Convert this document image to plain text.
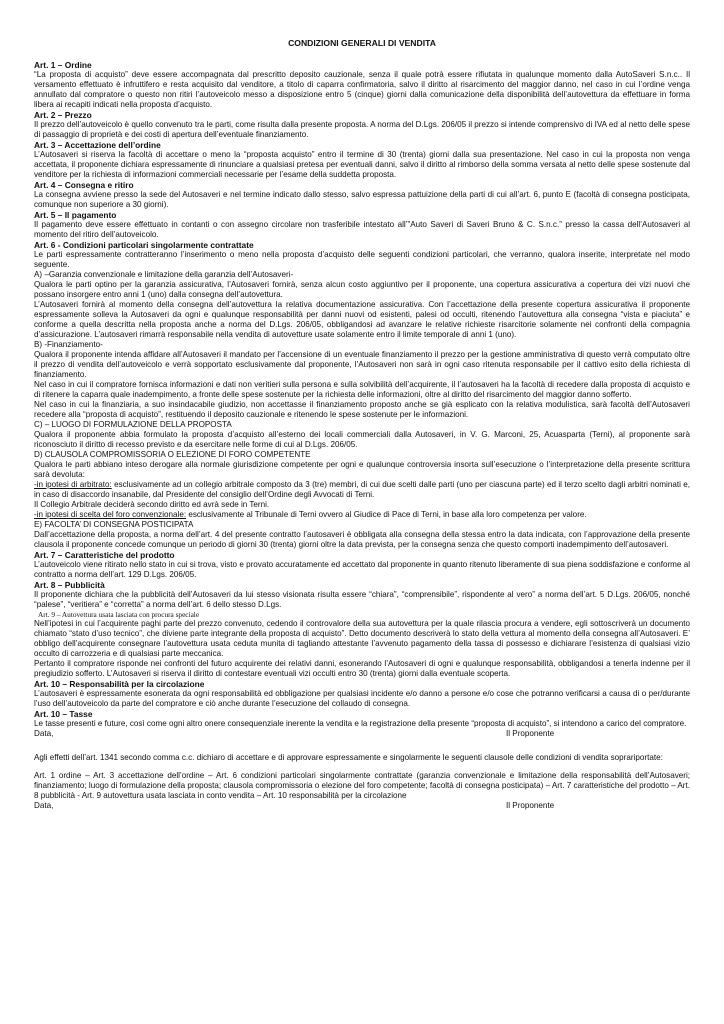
CONDIZIONI GENERALI DI VENDITA

Art. 1 – Ordine

“La proposta di acquisto” deve essere accompagnata dal prescritto deposito cauzionale, senza il quale potrà essere rifiutata in qualunque momento dalla AutoSaveri S.n.c.. Il versamento effettuato è infruttifero e resta acquisito dal venditore, a titolo di caparra confirmatoria, salvo il diritto al risarcimento del maggior danno, nel caso in cui l’ordine venga annullato dal compratore o questo non ritiri l’autoveicolo messo a disposizione entro 5 (cinque) giorni dalla comunicazione della disponibilità dell’autovettura da effettuare in forma libera ai recapiti indicati nella proposta d’acquisto.

Art. 2 – Prezzo

Il prezzo dell’autoveicolo è quello convenuto tra le parti, come risulta dalla presente proposta. A norma del D.Lgs. 206/05 il prezzo si intende comprensivo di IVA ed al netto delle spese di passaggio di proprietà e dei costi di apertura dell’eventuale finanziamento.

Art. 3 – Accettazione dell’ordine

L’Autosaveri si riserva la facoltà di accettare o meno la “proposta acquisto” entro il termine di 30 (trenta) giorni dalla sua presentazione. Nel caso in cui la proposta non venga accettata, il proponente dichiara espressamente di rinunciare a qualsiasi pretesa per eventuali danni, salvo il diritto al rimborso della somma versata al netto delle spese sostenute dal venditore per la richiesta di informazioni commerciali necessarie per l’esame della suddetta proposta.

Art. 4 – Consegna e ritiro

La consegna avviene presso la sede del Autosaveri e nel termine indicato dallo stesso, salvo espressa pattuizione della parti di cui all’art. 6, punto E (facoltà di consegna posticipata, comunque non superiore a 30 giorni).

Art. 5 – Il pagamento

Il pagamento deve essere effettuato in contanti o con assegno circolare non trasferibile intestato all’”Auto Saveri di Saveri Bruno & C. S.n.c.” presso la cassa dell’Autosaveri al momento del ritiro dell’autoveicolo.

Art. 6 - Condizioni particolari singolarmente contrattate

Le parti espressamente contratteranno l’inserimento o meno nella proposta d’acquisto delle seguenti condizioni particolari, che verranno, qualora inserite, interpretate nel modo seguente.

A) –Garanzia convenzionale e limitazione della garanzia dell’Autosaveri-

Qualora le parti optino per la garanzia assicurativa, l’Autosaveri fornirà, senza alcun costo aggiuntivo per il proponente, una copertura assicurativa a copertura dei vizi nuovi che possano insorgere entro anni 1 (uno) dalla consegna dell’autovettura.

L’Autosaveri fornirà al momento della consegna dell’autovettura la relativa documentazione assicurativa. Con l’accettazione della presente copertura assicurativa il proponente espressamente solleva la Autosaveri da ogni e qualunque responsabilità per danni nuovi od esistenti, palesi od occulti, ritenendo l’autovettura alla consegna “vista e piaciuta” e conforme a quella descritta nella proposta anche a norma del D.Lgs. 206/05, obbligandosi ad avanzare le relative richieste risarcitorie solamente nei confronti della compagnia d’assicurazione. L’autosaveri rimarrà responsabile nella vendita di autovetture usate solamente entro il limite temporale di anni 1 (uno).

B) -Finanziamento-

Qualora il proponente intenda affidare all’Autosaveri il mandato per l’accensione di un eventuale finanziamento il prezzo per la gestione amministrativa di questo verrà computato oltre il prezzo di vendita dell’autoveicolo e verrà sopportato esclusivamente dal proponente, l’Autosaveri non sarà in ogni caso ritenuta responsabile per il cattivo esito della richiesta di finanziamento.

Nel caso in cui il compratore fornisca informazioni e dati non veritieri sulla persona e sulla solvibilità dell’acquirente, il l’autosaveri ha la facoltà di recedere dalla proposta di acquisto e di ritenere la caparra quale inadempimento, a fronte delle spese sostenute per la richiesta delle informazioni, oltre al diritto del risarcimento del maggior danno sofferto.

Nel caso in cui la finanziaria, a suo insindacabile giudizio, non accettasse il finanziamento proposto anche se già esplicato con la relativa modulistica, sarà facoltà dell’Autosaveri recedere alla “proposta di acquisto”, restituendo il deposito cauzionale e ritenendo le spese sostenute per le informazioni.

C) – LUOGO DI FORMULAZIONE DELLA PROPOSTA

Qualora il proponente abbia formulato la proposta d’acquisto all’esterno dei locali commerciali dalla Autosaveri, in V. G. Marconi, 25, Acuasparta (Terni), al proponente sarà riconosciuto il diritto di recesso previsto e da esercitare nelle forme di cui al D.Lgs. 206/05.

D) CLAUSOLA COMPROMISSORIA O ELEZIONE DI FORO COMPETENTE

Qualora le parti abbiano inteso derogare alla normale giurisdizione competente per ogni e qualunque controversia insorta sull’esecuzione o l’interpretazione della presente scrittura sarà devoluta:

-in ipotesi di arbitrato: esclusivamente ad un collegio arbitrale composto da 3 (tre) membri, di cui due scelti dalle parti (uno per ciascuna parte) ed il terzo scelto dagli arbitri nominati e, in caso di disaccordo insanabile, dal Presidente del consiglio dell’Ordine degli Avvocati di Terni.

Il Collegio Arbitrale deciderà secondo diritto ed avrà sede in Terni.

-in ipotesi di scelta del foro convenzionale: esclusivamente al Tribunale di Terni ovvero al Giudice di Pace di Terni, in base alla loro competenza per valore.

E) FACOLTA’ DI CONSEGNA POSTICIPATA

Dall’accettazione della proposta, a norma dell’art. 4 del presente contratto l’autosaveri è obbligata alla consegna della stessa entro la data indicata, con l’approvazione della presente clausola il proponente concede comunque un periodo di giorni 30 (trenta) giorni oltre la data prevista, per la consegna senza che questo comporti inadempimento dell’autosaveri.

Art. 7 – Caratteristiche del prodotto

L’autoveicolo viene ritirato nello stato in cui si trova, visto e provato accuratamente ed accettato dal proponente in quanto ritenuto liberamente di sua piena soddisfazione e conforme al contratto a norma dell’art. 129 D.Lgs. 206/05.

Art. 8 – Pubblicità

Il proponente dichiara che la pubblicità dell’Autosaveri da lui stesso visionata risulta essere “chiara”, “comprensibile”, rispondente al vero” a norma dell’art. 5 D.Lgs. 206/05, nonché “palese”, “veritiera” e “corretta” a norma dell’art. 6 dello stesso D.Lgs.

Art. 9 – Autovettura usata lasciata con procura speciale

Nell’ipotesi in cui l’acquirente paghi parte del prezzo convenuto, cedendo il controvalore della sua autovettura per la quale rilascia procura a vendere, egli sottoscriverà un documento chiamato “stato d’uso tecnico”, che diviene parte integrante della proposta di acquisto”. Detto documento descriverà lo stato della vettura al momento della consegna all’Autosaveri. E’ obbligo dell’acquirente consegnare l’autovettura usata ceduta munita di tagliando attestante l’avvenuto pagamento della tassa di possesso e dichiarare l’esistenza di qualsiasi vizio occulto di carrozzeria e di qualsiasi parte meccanica.

Pertanto il compratore risponde nei confronti del futuro acquirente dei relativi danni, esonerando l’Autosaveri di ogni e qualunque responsabilità, obbligandosi a tenerla indenne per il pregiudizio sofferto. L’Autosaveri si riserva il diritto di contestare eventuali vizi occulti entro 30 (trenta) giorni dalla eventuale scoperta.

Art. 10 – Responsabilità per la circolazione

L’autosaveri è espressamente esonerata da ogni responsabilità ed obbligazione per qualsiasi incidente e/o danno a persone e/o cose che potranno verificarsi a causa di o per/durante l’uso dell’autoveicolo da parte del compratore e ciò anche durante l’esecuzione del collaudo di consegna.

Art. 10 – Tasse

Le tasse presenti e future, così come ogni altro onere consequenziale inerente la vendita e la registrazione della presente “proposta di acquisto”, si intendono a carico del compratore.

Data,	Il Proponente

Agli effetti dell’art. 1341 secondo comma c.c. dichiaro di accettare e di approvare espressamente e singolarmente le seguenti clausole delle condizioni di vendita soprariportate:

Art. 1 ordine – Art. 3 accettazione dell’ordine – Art. 6 condizioni particolari singolarmente contrattate (garanzia convenzionale e limitazione della responsabilità dell’Autosaveri; finanziamento; luogo di formulazione della proposta; clausola compromissoria o elezione del foro competente; facoltà di consegna posticipata) – Art. 7 caratteristiche del prodotto – Art. 8 pubblicità - Art. 9 autovettura usata lasciata in conto vendita – Art. 10 responsabilità per la circolazione

Data,	Il Proponente
